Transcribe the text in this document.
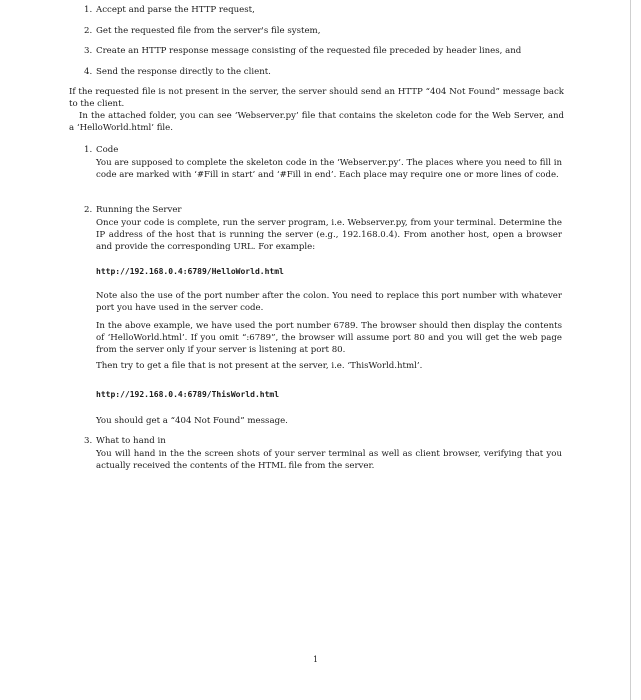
1. Accept and parse the HTTP request,
2. Get the requested file from the server's file system,
3. Create an HTTP response message consisting of the requested file preceded by header lines, and
4. Send the response directly to the client.
If the requested file is not present in the server, the server should send an HTTP “404 Not Found” message back to the client.
In the attached folder, you can see ‘Webserver.py’ file that contains the skeleton code for the Web Server, and a ‘HelloWorld.html’ file.
1. Code
You are supposed to complete the skeleton code in the ‘Webserver.py’. The places where you need to fill in code are marked with ‘#Fill in start’ and ‘#Fill in end’. Each place may require one or more lines of code.
2. Running the Server
Once your code is complete, run the server program, i.e. Webserver.py, from your terminal. Determine the IP address of the host that is running the server (e.g., 192.168.0.4). From another host, open a browser and provide the corresponding URL. For example:
http://192.168.0.4:6789/HelloWorld.html
Note also the use of the port number after the colon. You need to replace this port number with whatever port you have used in the server code.
In the above example, we have used the port number 6789. The browser should then display the contents of ‘HelloWorld.html’. If you omit “:6789”, the browser will assume port 80 and you will get the web page from the server only if your server is listening at port 80.
Then try to get a file that is not present at the server, i.e. ‘ThisWorld.html’.
http://192.168.0.4:6789/ThisWorld.html
You should get a “404 Not Found” message.
3. What to hand in
You will hand in the the screen shots of your server terminal as well as client browser, verifying that you actually received the contents of the HTML file from the server.
1
